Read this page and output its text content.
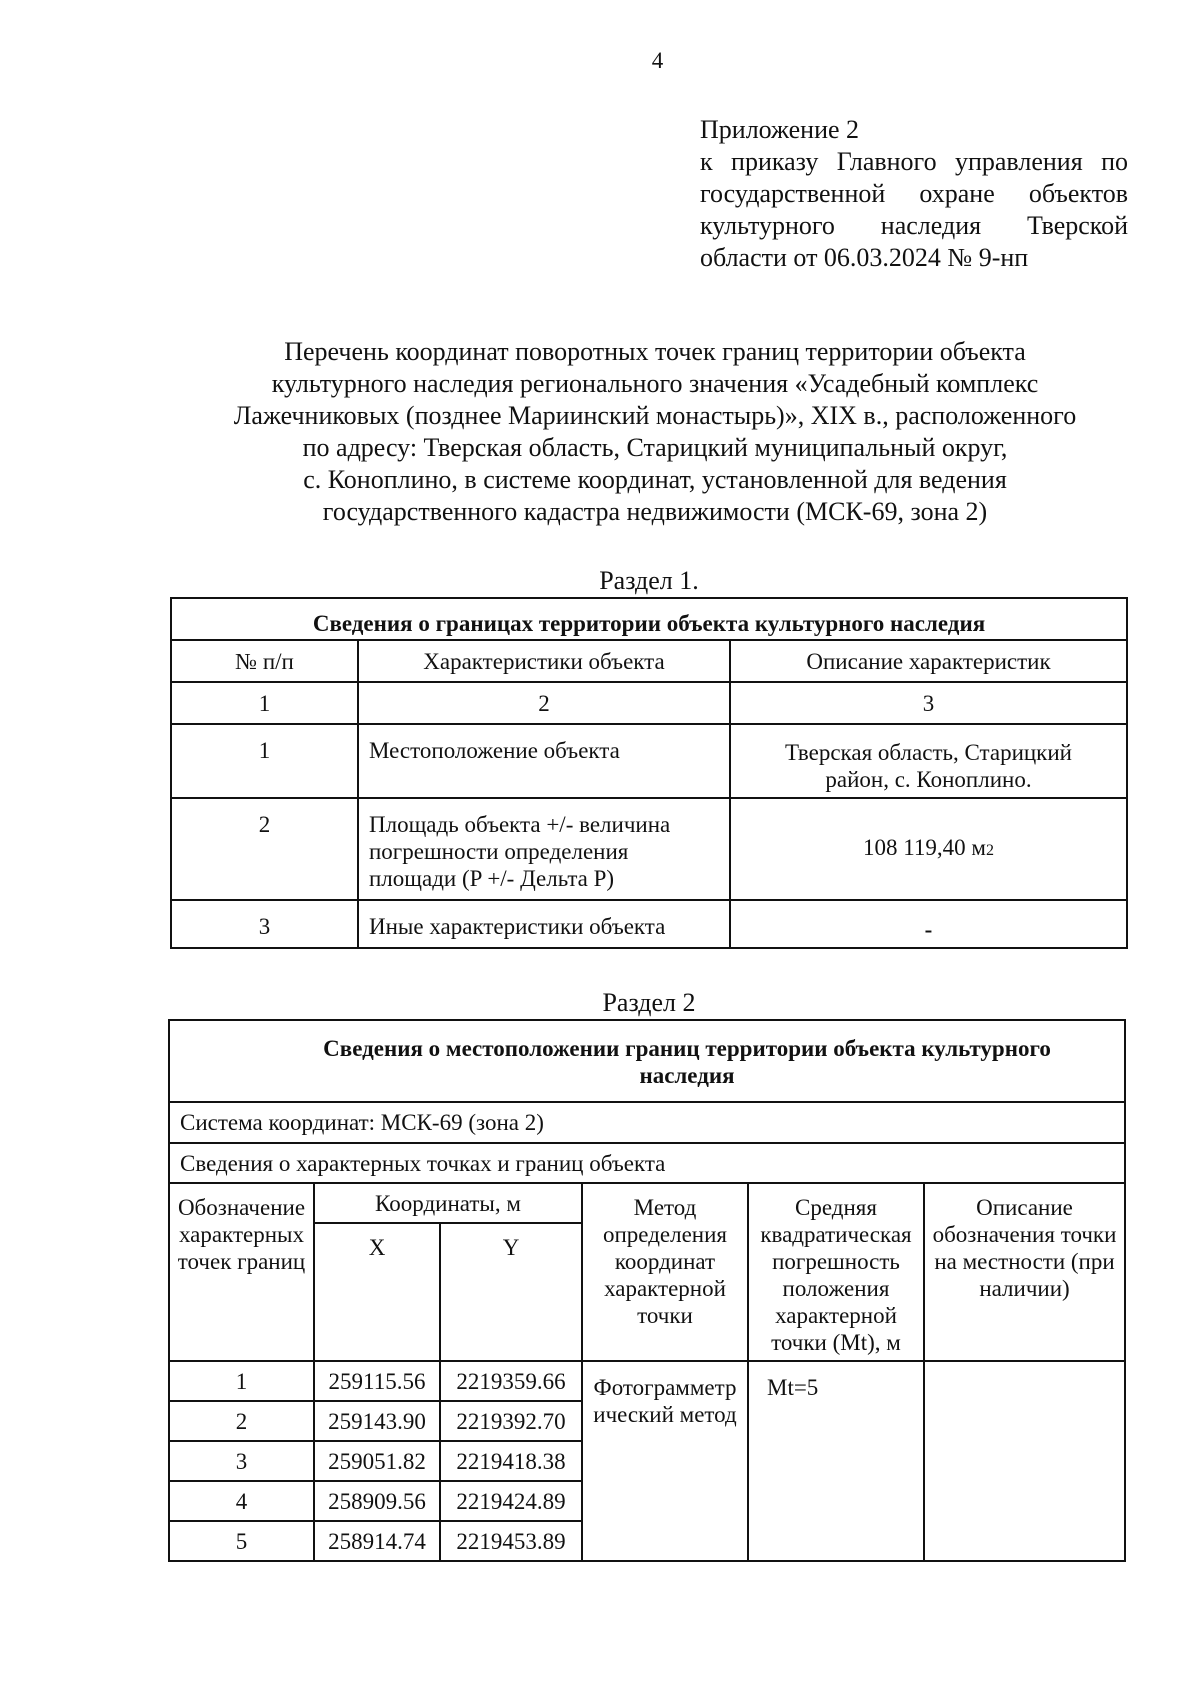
4
Приложение 2
к приказу Главного управления по
государственной охране объектов
культурного наследия Тверской
области от 06.03.2024 № 9-нп
Перечень координат поворотных точек границ территории объекта
культурного наследия регионального значения «Усадебный комплекс
Лажечниковых (позднее Мариинский монастырь)», XIX в., расположенного
по адресу: Тверская область, Старицкий муниципальный округ,
с. Коноплино, в системе координат, установленной для ведения
государственного кадастра недвижимости (МСК-69, зона 2)
Раздел 1.
Сведения о границах территории объекта культурного наследия		
№ п/п	Характеристики объекта	Описание характеристик
1	2	3
1	Местоположение объекта	Тверская область, Старицкий район, с. Коноплино.
2	Площадь объекта +/- величина погрешности определения площади (P +/- Дельта P)	108 119,40 м2
3	Иные характеристики объекта	-
Раздел 2
Сведения о местоположении границ территории объекта культурного наследия					
Система координат: МСК-69 (зона 2)					
Сведения о характерных точках и границ объекта					
Обозначение характерных точек границ	Координаты, м		Метод определения координат характерной точки	Средняя квадратическая погрешность положения характерной точки (Mt), м	Описание обозначения точки на местности (при наличии)
	X	Y			
1	259115.56	2219359.66	Фотограмметр ический метод	Mt=5	
2	259143.90	2219392.70			
3	259051.82	2219418.38			
4	258909.56	2219424.89			
5	258914.74	2219453.89			
